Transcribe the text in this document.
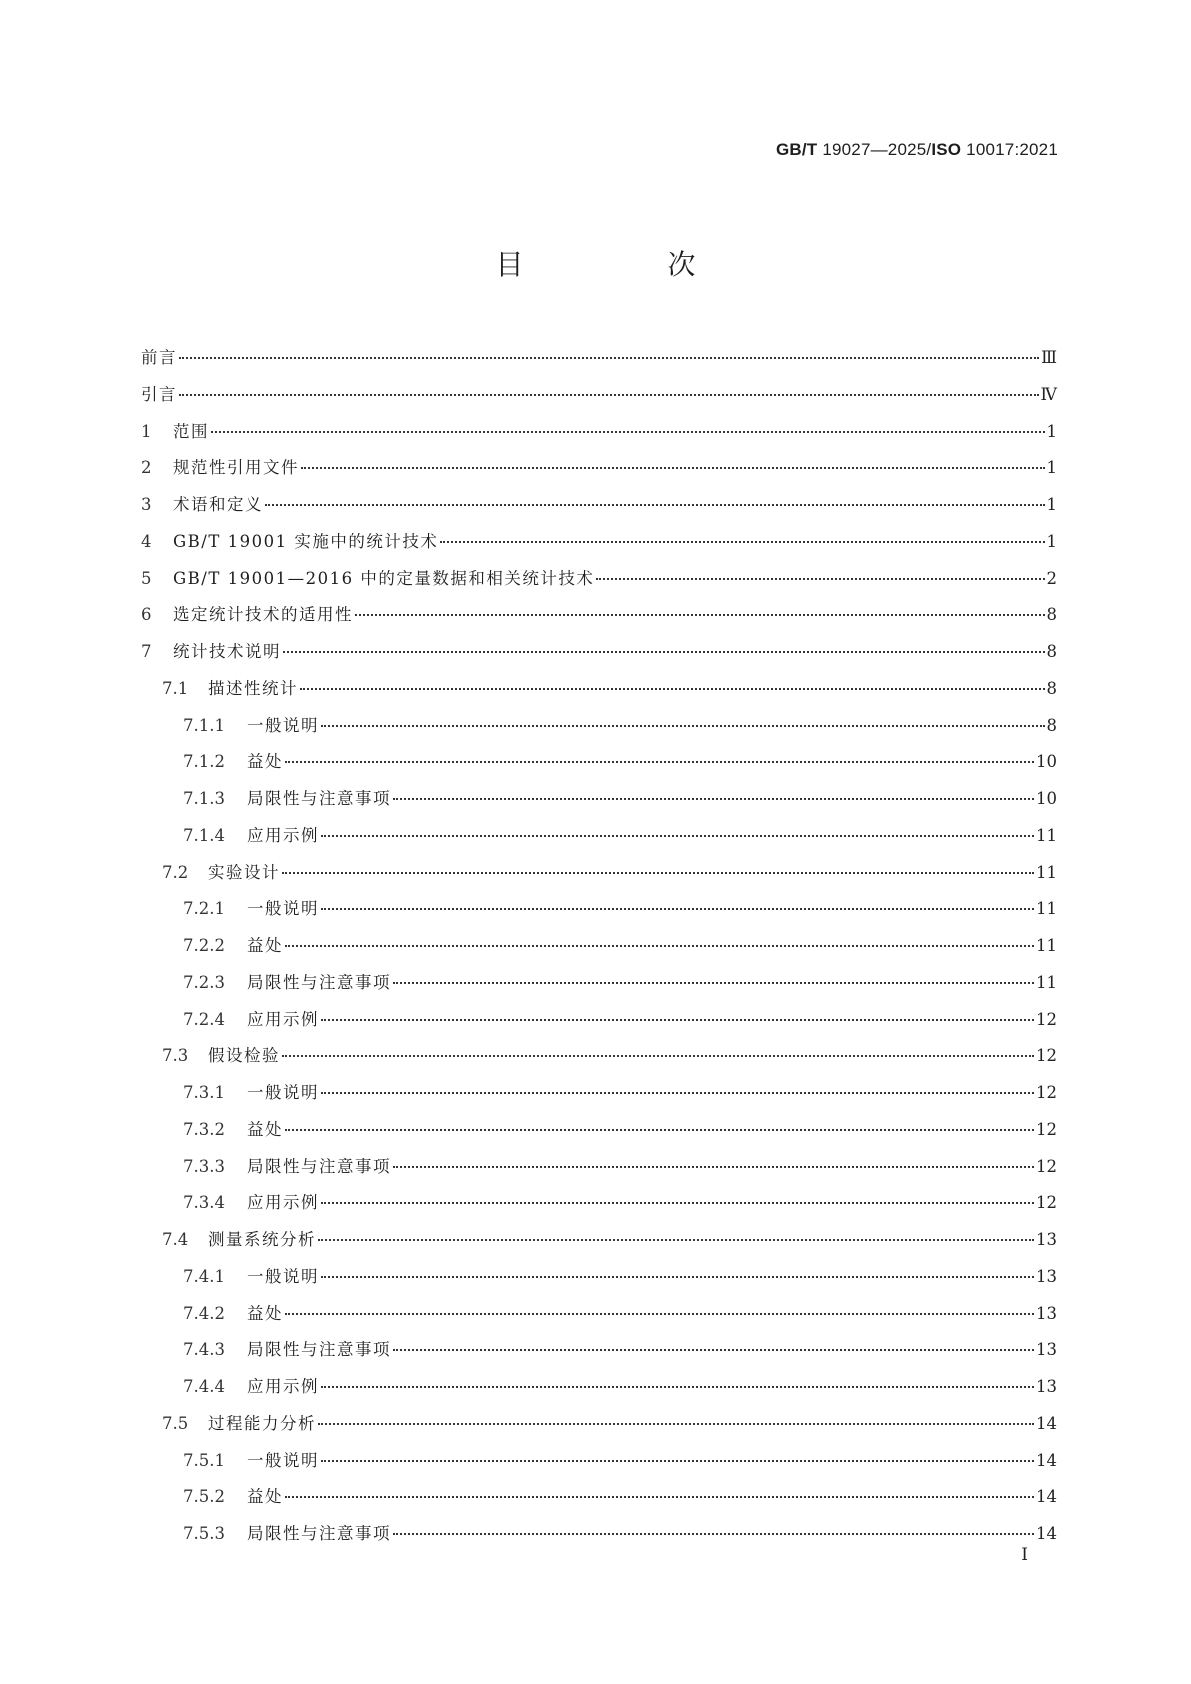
GB/T 19027—2025/ISO 10017:2021
目　次
前言	Ⅲ
引言	Ⅳ
1	范围	1
2	规范性引用文件	1
3	术语和定义	1
4	GB/T 19001 实施中的统计技术	1
5	GB/T 19001—2016 中的定量数据和相关统计技术	2
6	选定统计技术的适用性	8
7	统计技术说明	8
7.1	描述性统计	8
7.1.1	一般说明	8
7.1.2	益处	10
7.1.3	局限性与注意事项	10
7.1.4	应用示例	11
7.2	实验设计	11
7.2.1	一般说明	11
7.2.2	益处	11
7.2.3	局限性与注意事项	11
7.2.4	应用示例	12
7.3	假设检验	12
7.3.1	一般说明	12
7.3.2	益处	12
7.3.3	局限性与注意事项	12
7.3.4	应用示例	12
7.4	测量系统分析	13
7.4.1	一般说明	13
7.4.2	益处	13
7.4.3	局限性与注意事项	13
7.4.4	应用示例	13
7.5	过程能力分析	14
7.5.1	一般说明	14
7.5.2	益处	14
7.5.3	局限性与注意事项	14
I
